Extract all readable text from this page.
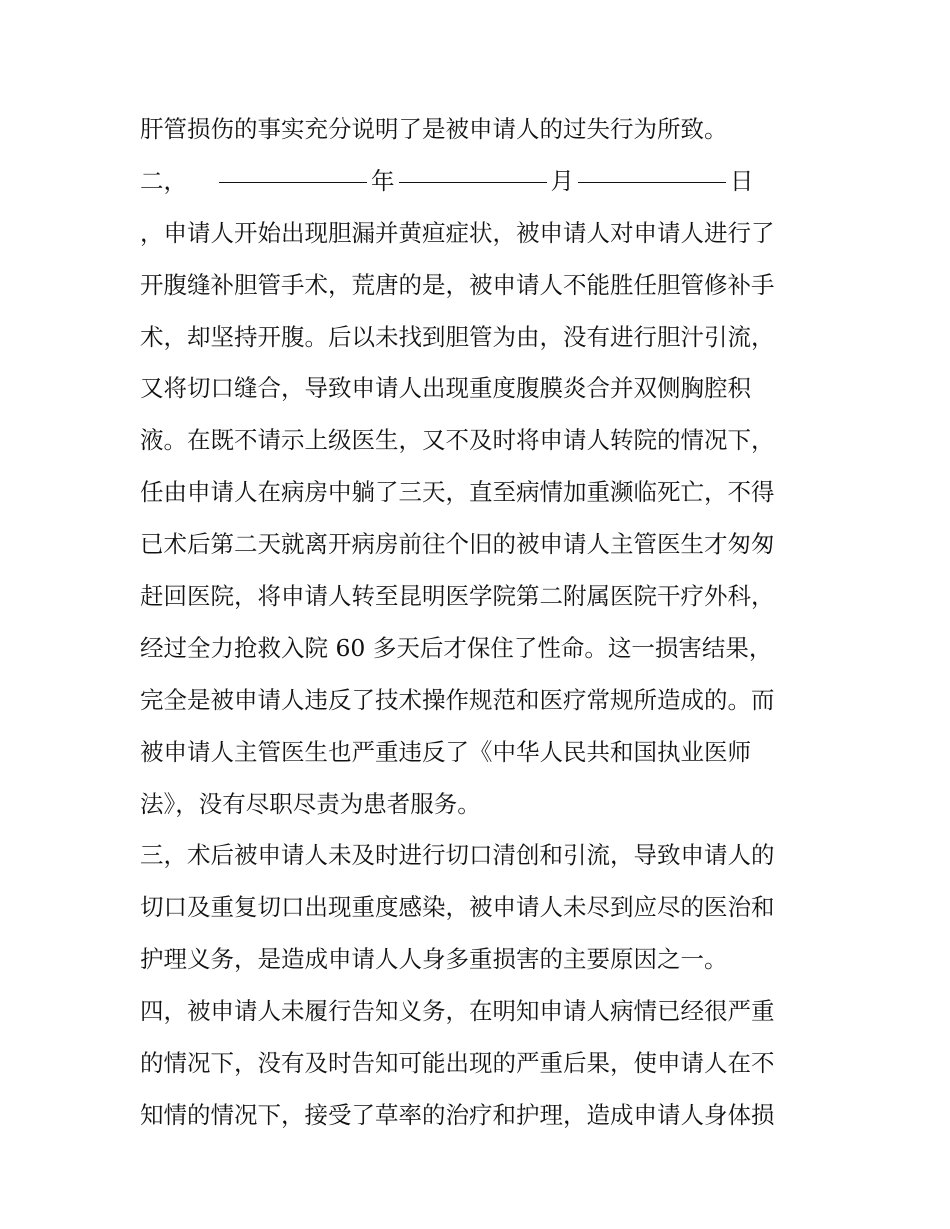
肝管损伤的事实充分说明了是被申请人的过失行为所致。
二，	年	月	日
，申请人开始出现胆漏并黄疸症状，被申请人对申请人进行了
开腹缝补胆管手术，荒唐的是，被申请人不能胜任胆管修补手
术，却坚持开腹。后以未找到胆管为由，没有进行胆汁引流，
又将切口缝合，导致申请人出现重度腹膜炎合并双侧胸腔积
液。在既不请示上级医生，又不及时将申请人转院的情况下，
任由申请人在病房中躺了三天，直至病情加重濒临死亡，不得
已术后第二天就离开病房前往个旧的被申请人主管医生才匆匆
赶回医院，将申请人转至昆明医学院第二附属医院干疗外科，
经过全力抢救入院 60 多天后才保住了性命。这一损害结果，
完全是被申请人违反了技术操作规范和医疗常规所造成的。而
被申请人主管医生也严重违反了《中华人民共和国执业医师
法》，没有尽职尽责为患者服务。
三，术后被申请人未及时进行切口清创和引流，导致申请人的
切口及重复切口出现重度感染，被申请人未尽到应尽的医治和
护理义务，是造成申请人人身多重损害的主要原因之一。
四，被申请人未履行告知义务，在明知申请人病情已经很严重
的情况下，没有及时告知可能出现的严重后果，使申请人在不
知情的情况下，接受了草率的治疗和护理，造成申请人身体损
